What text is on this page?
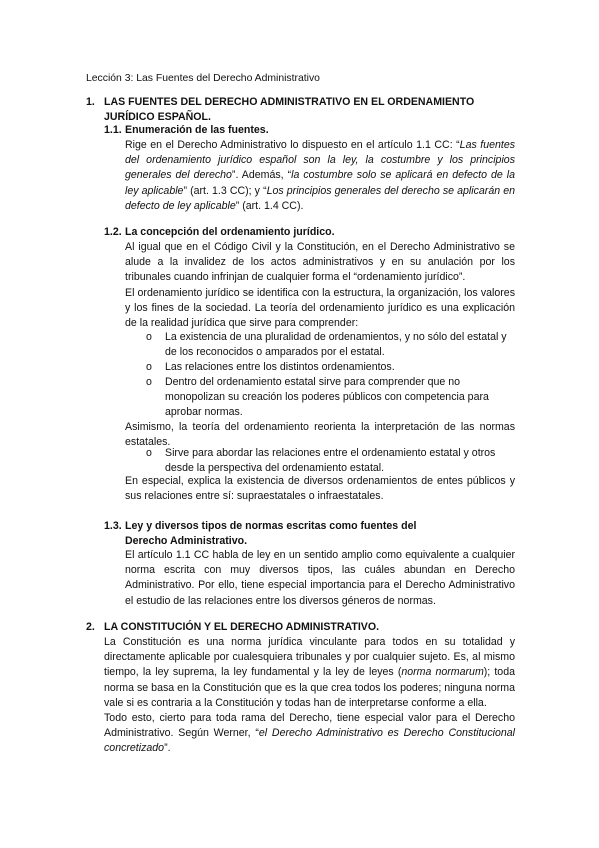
Lección 3: Las Fuentes del Derecho Administrativo
1. LAS FUENTES DEL DERECHO ADMINISTRATIVO EN EL ORDENAMIENTO JURÍDICO ESPAÑOL.
1.1. Enumeración de las fuentes.

Rige en el Derecho Administrativo lo dispuesto en el artículo 1.1 CC: “Las fuentes del ordenamiento jurídico español son la ley, la costumbre y los principios generales del derecho”. Además, “la costumbre solo se aplicará en defecto de la ley aplicable” (art. 1.3 CC); y “Los principios generales del derecho se aplicarán en defecto de ley aplicable” (art. 1.4 CC).

1.2. La concepción del ordenamiento jurídico.

Al igual que en el Código Civil y la Constitución, en el Derecho Administrativo se alude a la invalidez de los actos administrativos y en su anulación por los tribunales cuando infrinjan de cualquier forma el “ordenamiento jurídico”.

El ordenamiento jurídico se identifica con la estructura, la organización, los valores y los fines de la sociedad. La teoría del ordenamiento jurídico es una explicación de la realidad jurídica que sirve para comprender:

o La existencia de una pluralidad de ordenamientos, y no sólo del estatal y de los reconocidos o amparados por el estatal.
o Las relaciones entre los distintos ordenamientos.
o Dentro del ordenamiento estatal sirve para comprender que no monopolizan su creación los poderes públicos con competencia para aprobar normas.

Asimismo, la teoría del ordenamiento reorienta la interpretación de las normas estatales.

o Sirve para abordar las relaciones entre el ordenamiento estatal y otros desde la perspectiva del ordenamiento estatal.

En especial, explica la existencia de diversos ordenamientos de entes públicos y sus relaciones entre sí: supraestatales o infraestatales.

1.3. Ley y diversos tipos de normas escritas como fuentes del Derecho Administrativo.

El artículo 1.1 CC habla de ley en un sentido amplio como equivalente a cualquier norma escrita con muy diversos tipos, las cuáles abundan en Derecho Administrativo. Por ello, tiene especial importancia para el Derecho Administrativo el estudio de las relaciones entre los diversos géneros de normas.

2. LA CONSTITUCIÓN Y EL DERECHO ADMINISTRATIVO.

La Constitución es una norma jurídica vinculante para todos en su totalidad y directamente aplicable por cualesquiera tribunales y por cualquier sujeto. Es, al mismo tiempo, la ley suprema, la ley fundamental y la ley de leyes (norma normarum); toda norma se basa en la Constitución que es la que crea todos los poderes; ninguna norma vale si es contraria a la Constitución y todas han de interpretarse conforme a ella.

Todo esto, cierto para toda rama del Derecho, tiene especial valor para el Derecho Administrativo. Según Werner, “el Derecho Administrativo es Derecho Constitucional concretizado”.
